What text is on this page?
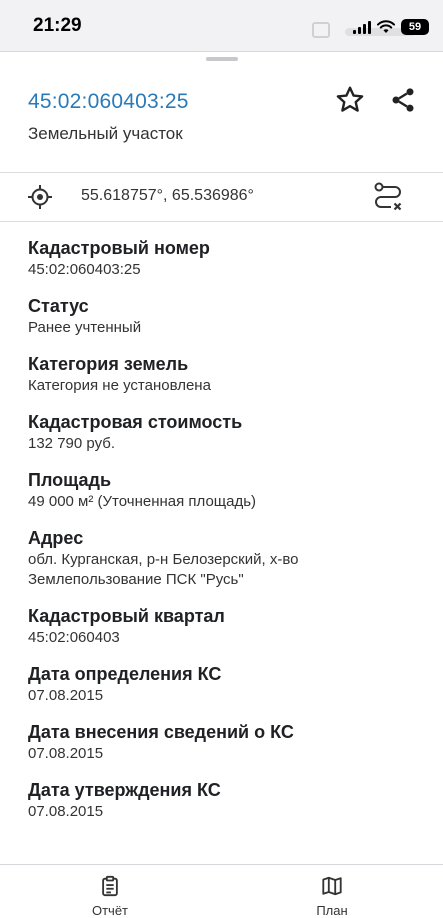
21:29	59
45:02:060403:25
Земельный участок
55.618757°, 65.536986°
Кадастровый номер
45:02:060403:25
Статус
Ранее учтенный
Категория земель
Категория не установлена
Кадастровая стоимость
132 790 руб.
Площадь
49 000 м² (Уточненная площадь)
Адрес
обл. Курганская, р-н Белозерский, х-во
Землепользование ПСК "Русь"
Кадастровый квартал
45:02:060403
Дата определения КС
07.08.2015
Дата внесения сведений о КС
07.08.2015
Дата утверждения КС
07.08.2015
Отчёт	План
